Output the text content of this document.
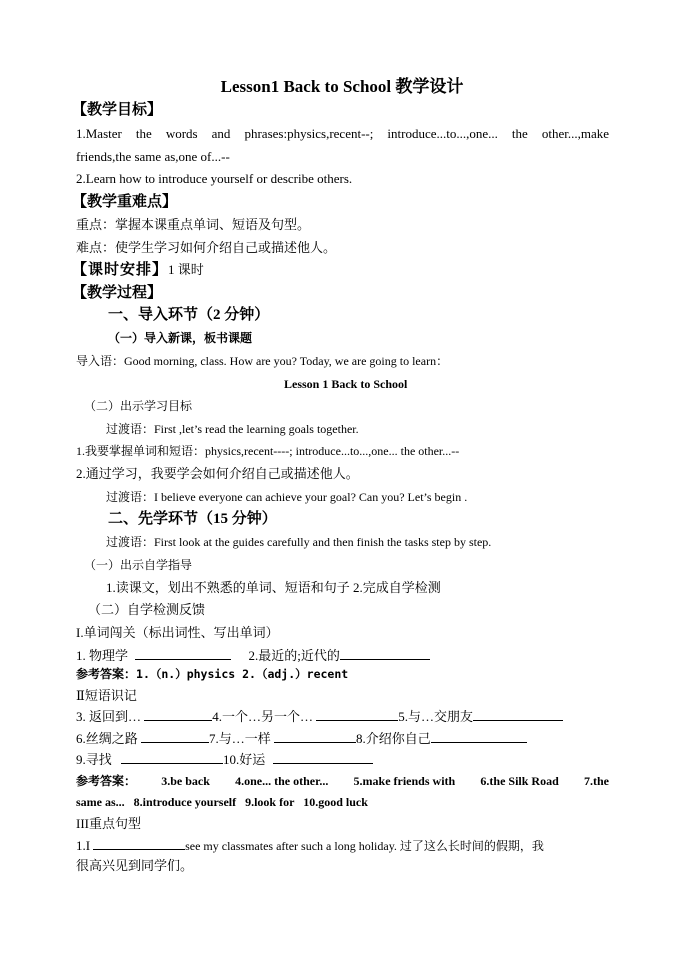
Lesson1 Back to School 教学设计
【教学目标】
1.Master the words and phrases:physics,recent--; introduce...to...,one... the other...,make
friends,the same as,one of...--
2.Learn how to introduce yourself or describe others.
【教学重难点】
重点：掌握本课重点单词、短语及句型。
难点：使学生学习如何介绍自己或描述他人。
【课时安排】1 课时
【教学过程】
一、导入环节（2 分钟）
（一）导入新课，板书课题
导入语：Good morning, class. How are you? Today, we are going to learn：
Lesson 1 Back to School
（二）出示学习目标
过渡语：First ,let’s read the learning goals together.
1.我要掌握单词和短语：physics,recent----; introduce...to...,one... the other...--
2.通过学习，我要学会如何介绍自己或描述他人。
过渡语：I believe everyone can achieve your goal? Can you? Let’s begin .
二、先学环节（15 分钟）
过渡语：First look at the guides carefully and then finish the tasks step by step.
（一）出示自学指导
1.读课文，划出不熟悉的单词、短语和句子 2.完成自学检测
（二）自学检测反馈
I.单词闯关（标出词性、写出单词）
1. 物理学	2.最近的;近代的
参考答案：1.（n.）physics 2.（adj.）recent
Ⅱ短语识记
3. 返回到…	4.一个…另一个…	5.与…交朋友
6.丝绸之路	7.与…一样	8.介绍你自己
9.寻找	10.好运
参考答案： 3.be back 4.one... the other... 5.make friends with 6.the Silk Road 7.the
same as...   8.introduce yourself   9.look for   10.good luck
III重点句型
1.I	see my classmates after such a long holiday. 过了这么长时间的假期，我
很高兴见到同学们。
